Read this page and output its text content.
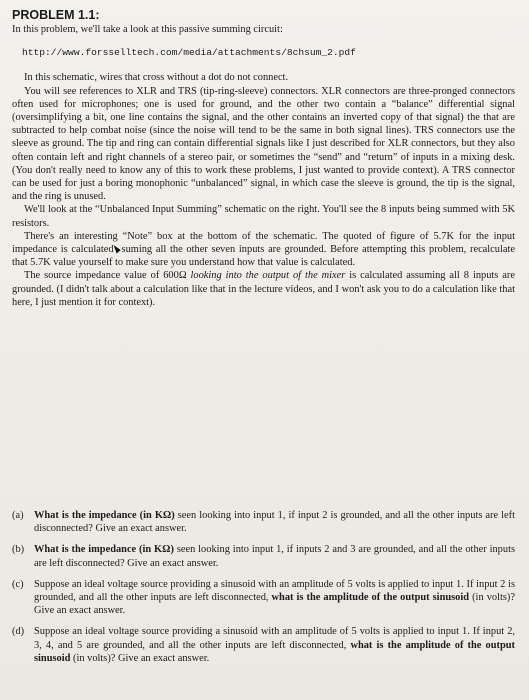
PROBLEM 1.1:
In this problem, we'll take a look at this passive summing circuit:
http://www.forsselltech.com/media/attachments/8chsum_2.pdf

In this schematic, wires that cross without a dot do not connect.

You will see references to XLR and TRS (tip-ring-sleeve) connectors. XLR connectors are three-pronged connectors often used for microphones; one is used for ground, and the other two contain a “balance” differential signal (oversimplifying a bit, one line contains the signal, and the other contains an inverted copy of that signal) the that are subtracted to help combat noise (since the noise will tend to be the same in both signal lines). TRS connectors use the sleeve as ground. The tip and ring can contain differential signals like I just described for XLR connectors, but they also often contain left and right channels of a stereo pair, or sometimes the “send” and “return” of inputs in a mixing desk. (You don't really need to know any of this to work these problems, I just wanted to provide context). A TRS connector can be used for just a boring monophonic “unbalanced” signal, in which case the sleeve is ground, the tip is the signal, and the ring is unused.

We'll look at the “Unbalanced Input Summing” schematic on the right. You'll see the 8 inputs being summed with 5K resistors.

There's an interesting “Note” box at the bottom of the schematic. The quoted of figure of 5.7K for the input impedance is calculated suming all the other seven inputs are grounded. Before attempting this problem, recalculate that 5.7K value yourself to make sure you understand how that value is calculated.

The source impedance value of 600Ω looking into the output of the mixer is calculated assuming all 8 inputs are grounded. (I didn't talk about a calculation like that in the lecture videos, and I won't ask you to do a calculation like that here, I just mention it for context).

(a)	What is the impedance (in KΩ) seen looking into input 1, if input 2 is grounded, and all the other inputs are left disconnected? Give an exact answer.
(b) What is the impedance (in KΩ) seen looking into input 1, if inputs 2 and 3 are grounded, and all the other inputs are left disconnected? Give an exact answer.
(c)	Suppose an ideal voltage source providing a sinusoid with an amplitude of 5 volts is applied to input 1. If input 2 is grounded, and all the other inputs are left disconnected, what is the amplitude of the output sinusoid (in volts)? Give an exact answer.
(d) Suppose an ideal voltage source providing a sinusoid with an amplitude of 5 volts is applied to input 1. If input 2, 3, 4, and 5 are grounded, and all the other inputs are left disconnected, what is the amplitude of the output sinusoid (in volts)? Give an exact answer.
